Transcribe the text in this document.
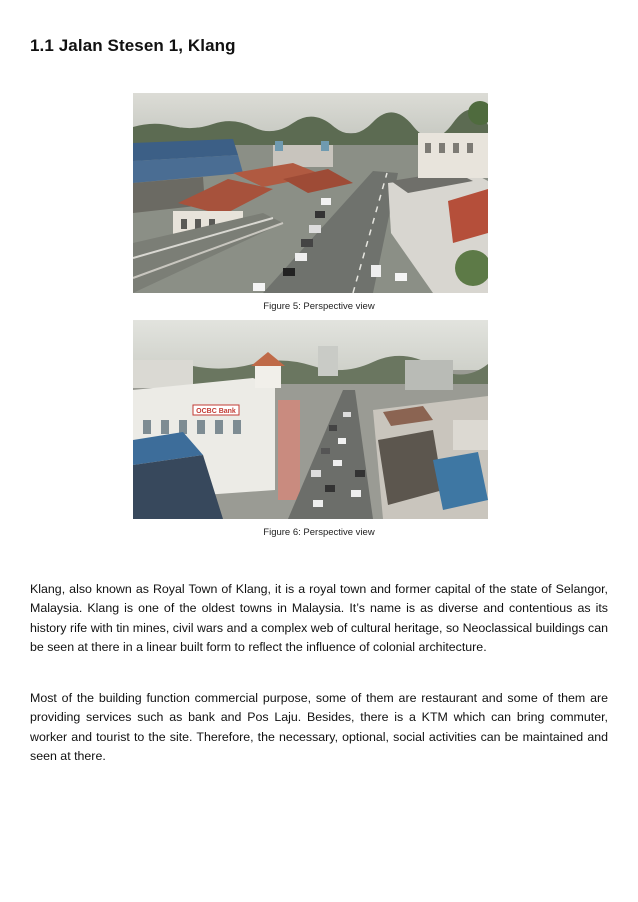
1.1 Jalan Stesen 1, Klang
Figure 5: Perspective view
OCBC Bank
Figure 6: Perspective view

Klang, also known as Royal Town of Klang, it is a royal town and former capital of the state of Selangor, Malaysia. Klang is one of the oldest towns in Malaysia. It’s name is as diverse and contentious as its history rife with tin mines, civil wars and a complex web of cultural heritage, so Neoclassical buildings can be seen at there in a linear built form to reflect the influence of colonial architecture.

Most of the building function commercial purpose, some of them are restaurant and some of them are providing services such as bank and Pos Laju. Besides, there is a KTM which can bring commuter, worker and tourist to the site. Therefore, the necessary, optional, social activities can be maintained and seen at there.
